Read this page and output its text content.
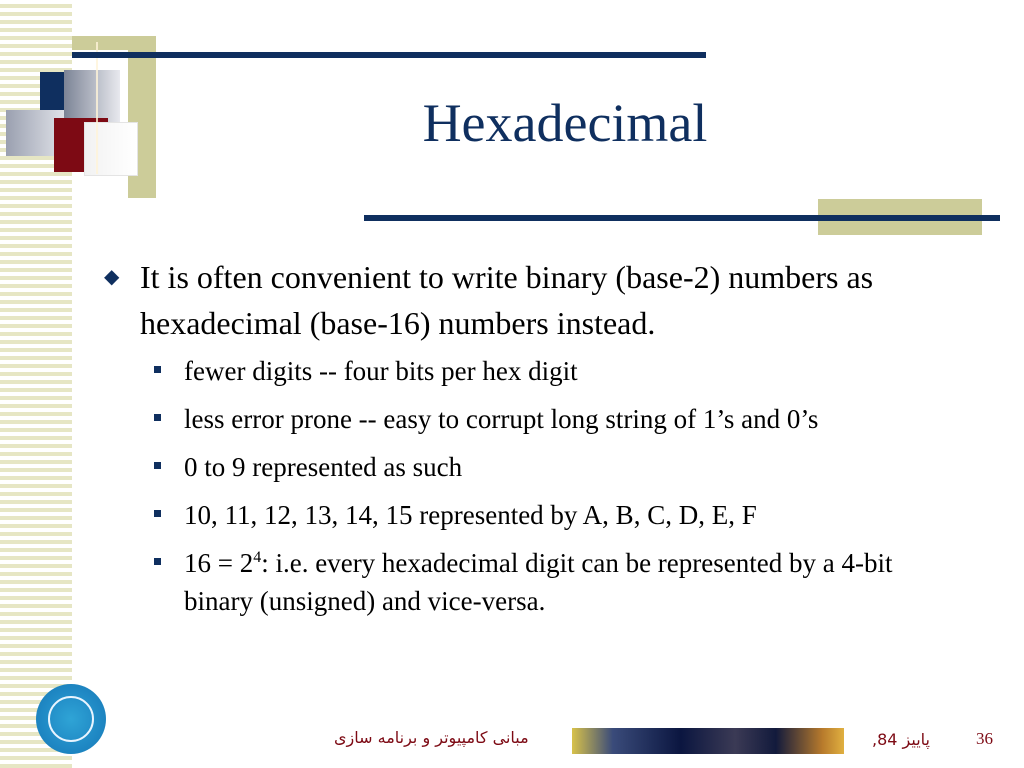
Hexadecimal
◆ It is often convenient to write binary (base-2) numbers as hexadecimal (base-16) numbers instead.
fewer digits -- four bits per hex digit
less error prone -- easy to corrupt long string of 1’s and 0’s
0 to 9 represented as such
10, 11, 12, 13, 14, 15 represented by A, B, C, D, E, F
$16 = 2^4$: i.e. every hexadecimal digit can be represented by a 4-bit binary (unsigned) and vice-versa.
مبانی کامپیوتر و برنامه سازی	پاییز 84,	36
